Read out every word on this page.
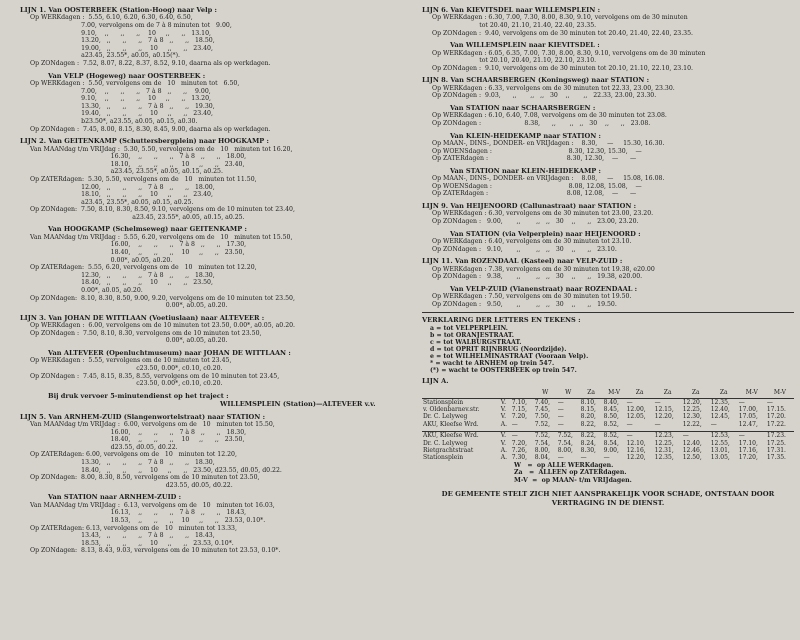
LIJN 1. Van OOSTERBEEK (Station-Hoog) naar Velp :
Op WERKdagen :  5.55, 6.10, 6.20, 6.30, 6.40, 6.50,
7.00, vervolgens om de 7 à 8 minuten tot   9.00,
9.10,    ,,      ,,      ,,    10     ,,      ,,   13.10,
13.20,   ,,      ,,      ,,   7 à 8   ,,      ,,   18.50,
19.00,   ,,      ,,      ,,    10     ,,      ,,   23.40,
a23.45, 23.55*, a0.05, a0.15(*).
Op ZONdagen :  7.52, 8.07, 8.22, 8.37, 8.52, 9.10, daarna als op werkdagen.
Van VELP (Hogeweg) naar OOSTERBEEK :
Op WERKdagen :  5.50, vervolgens om de   10   minuten tot   6.50,
7.00,    ,,      ,,      ,,   7 à 8   ,,      ,,    9.00,
9.10,    ,,      ,,      ,,    10     ,,      ,,   13.20,
13.30,   ,,      ,,      ,,   7 à 8   ,,      ,,   19.30,
19.40,   ,,      ,,      ,,    10     ,,      ,,   23.40,
b23.50*, a23.55, a0.05, a0.15, a0.30.
Op ZONdagen :  7.45, 8.00, 8.15, 8.30, 8.45, 9.00, daarna als op werkdagen.
LIJN 2. Van GEITENKAMP (Schuttersbergplein) naar HOOGKAMP :
Van MAANdag t/m VRIJdag :  5.30, 5.50, vervolgens om de   10   minuten tot 16.20,
16.30,    ,,      ,,      ,,   7 à 8   ,,      ,,   18.00,
18.10,    ,,      ,,      ,,    10     ,,      ,,   23.40,
a23.45, 23.55*, a0.05, a0.15, a0.25.
Op ZATERdagen:  5.30, 5.50, vervolgens om de   10   minuten tot 11.50,
12.00,   ,,      ,,      ,,   7 à 8   ,,      ,,   18.00,
18.10,   ,,      ,,      ,,    10     ,,      ,,   23.40,
a23.45, 23.55*, a0.05, a0.15, a0.25.
Op ZONdagen:  7.50, 8.10, 8.30, 8.50, 9.10, vervolgens om de 10 minuten tot 23.40,
a23.45, 23.55*, a0.05, a0.15, a0.25.
Van HOOGKAMP (Schelmseweg) naar GEITENKAMP :
Van MAANdag t/m VRIJdag :  5.55, 6.20, vervolgens om de   10   minuten tot 15.50,
16.00,    ,,      ,,      ,,   7 à 8   ,,      ,,   17.30,
18.40,    ,,      ,,      ,,    10     ,,      ,,   23.50,
0.00*, a0.05, a0.20.
Op ZATERdagen:  5.55, 6.20, vervolgens om de   10   minuten tot 12.20,
12.30,   ,,      ,,      ,,   7 à 8   ,,      ,,   18.30,
18.40,   ,,      ,,      ,,    10     ,,      ,,   23.50,
0.00*, a0.05, a0.20.
Op ZONdagen:  8.10, 8.30, 8.50, 9.00, 9.20, vervolgens om de 10 minuten tot 23.50,
0.00*, a0.05, a0.20.
LIJN 3. Van JOHAN DE WITTLAAN (Voetiuslaan) naar ALTEVEER :
Op WERKdagen :  6.00, vervolgens om de 10 minuten tot 23.50, 0.00*, a0.05, a0.20.
Op ZONdagen :  7.50, 8.10, 8.30, vervolgens om de 10 minuten tot 23.50,
0.00*, a0.05, a0.20.
Van ALTEVEER (Openluchtmuseum) naar JOHAN DE WITTLAAN :
Op WERKdagen :  5.55, vervolgens om de 10 minuten tot 23.45,
c23.50, 0.00*, c0.10, c0.20.
Op ZONdagen :  7.45, 8.15, 8.35, 8.55, vervolgens om de 10 minuten tot 23.45,
c23.50, 0.00*, c0.10, c0.20.
Bij druk vervoer 5-minutendienst op het traject :
WILLEMSPLEIN (Station)—ALTEVEER v.v.
LIJN 5. Van ARNHEM-ZUID (Slangenwortelstraat) naar STATION :
Van MAANdag t/m VRIJdag :  6.00, vervolgens om de   10   minuten tot 15.50,
16.00,    ,,      ,,      ,,   7 à 8   ,,      ,,   18.30,
18.40,    ,,      ,,      ,,    10     ,,      ,,   23.50,
d23.55, d0.05, d0.22.
Op ZATERdagen: 6.00, vervolgens om de   10   minuten tot 12.20,
13.30,   ,,      ,,      ,,   7 à 8   ,,      ,,   18.30,
18.40,   ,,      ,,      ,,    10     ,,      ,,   23.50, d23.55, d0.05, d0.22.
Op ZONdagen:  8.00, 8.30, 8.50, vervolgens om de 10 minuten tot 23.50,
d23.55, d0.05, d0.22.
Van STATION naar ARNHEM-ZUID :
Van MAANdag t/m VRIJdag :  6.13, vervolgens om de   10   minuten tot 16.03,
16.13,    ,,      ,,      ,,   7 à 8   ,,      ,,   18.43,
18.53,    ,,      ,,      ,,    10     ,,      ,,   23.53, 0.10*.
Op ZATERdagen: 6.13, vervolgens om de   10   minuten tot 13.33,
13.43,   ,,      ,,      ,,   7 à 8   ,,      ,,   18.43,
18.53,   ,,      ,,      ,,    10     ,,      ,,   23.53, 0.10*.
Op ZONdagen:  8.13, 8.43, 9.03, vervolgens om de 10 minuten tot 23.53, 0.10*.
LIJN 6. Van KIEVITSDEL naar WILLEMSPLEIN :
Op WERKdagen : 6.30, 7.00, 7.30, 8.00, 8.30, 9.10, vervolgens om de 30 minuten
tot 20.40, 21.10, 21.40, 22.40, 23.35.
Op ZONdagen :  9.40, vervolgens om de 30 minuten tot 20.40, 21.40, 22.40, 23.35.
Van WILLEMSPLEIN naar KIEVITSDEL :
Op WERKdagen : 6.05, 6.35, 7.00, 7.30, 8.00, 8.30, 9.10, vervolgens om de 30 minuten
tot 20.10, 20.40, 21.10, 22.10, 23.10.
Op ZONdagen :  9.10, vervolgens om de 30 minuten tot 20.10, 21.10, 22.10, 23.10.
LIJN 8. Van SCHAARSBERGEN (Koningsweg) naar STATION :
Op WERKdagen : 6.33, vervolgens om de 30 minuten tot 22.33, 23.00, 23.30.
Op ZONdagen :  9.03,      ,,       ,,   ,,   30    ,,       ,,   22.33, 23.00, 23.30.
Van STATION naar SCHAARSBERGEN :
Op WERKdagen : 6.10, 6.40, 7.08, vervolgens om de 30 minuten tot 23.08.
Op ZONdagen :                      8.38,      ,,       ,,   ,,   30    ,,      ,,   23.08.
Van KLEIN-HEIDEKAMP naar STATION :
Op MAAN-, DINS-, DONDER- en VRIJdagen :    8.30,     —     15.30, 16.30.
Op WOENSdagen :                                       8.30, 12.30, 15.30,    —
Op ZATERdagen :                                        8.30, 12.30,    —      —
Van STATION naar KLEIN-HEIDEKAMP :
Op MAAN-, DINS-, DONDER- en VRIJdagen :    8.08,     —     15.08, 16.08.
Op WOENSdagen :                                       8.08, 12.08, 15.08,    —
Op ZATERdagen :                                        8.08, 12.08,    —      —
LIJN 9. Van HEIJENOORD (Callunastraat) naar STATION :
Op WERKdagen : 6.30, vervolgens om de 30 minuten tot 23.00, 23.20.
Op ZONdagen :   9.00,       ,,        ,,   ,,   30    ,,      ,,   23.00, 23.20.
Van STATION (via Velperplein) naar HEIJENOORD :
Op WERKdagen : 6.40, vervolgens om de 30 minuten tot 23.10.
Op ZONdagen :   9.10,       ,,        ,,   ,,   30    ,,      ,,   23.10.
LIJN 11. Van ROZENDAAL (Kasteel) naar VELP-ZUID :
Op WERKdagen : 7.38, vervolgens om de 30 minuten tot 19.38, e20.00
Op ZONdagen :   9.38,       ,,        ,,   ,,   30    ,,      ,,   19.38, e20.00.
Van VELP-ZUID (Vianenstraat) naar ROZENDAAL :
Op WERKdagen : 7.50, vervolgens om de 30 minuten tot 19.50.
Op ZONdagen :   9.50,       ,,        ,,   ,,   30    ,,      ,,   19.50.
VERKLARING DER LETTERS EN TEKENS :
a = tot VELPERPLEIN.
b = tot ORANJESTRAAT.
c = tot WALBURGSTRAAT.
d = tot OPRIT RIJNBRUG (Noordzijde).
e = tot WILHELMINASTRAAT (Vooraan Velp).
* = wacht te ARNHEM op trein 547.
(*) = wacht te OOSTERBEEK op trein 547.
LIJN A.
			W	W	Za	M-V	Za	Za	Za	Za	M-V	M-V
Stationsplein	V.	7.10,	7.40,	—	8.10,	8.40,	—	—	12.20,	12.35,	—	—
v. Oldenbarnev.str.	V.	7.15,	7.45,	—	8.15,	8.45,	12.00,	12.15,	12.25,	12.40,	17.00,	17.15.
Dr. C. Lelyweg	V.	7.20,	7.50,	—	8.20,	8.50,	12.05,	12.20,	12.30,	12.45,	17.05,	17.20.
AKU, Kleefse Wrd.	A.	—	7.52,	—	8.22,	8.52,	—	—	12.22,	—	12.47,	17.22.

AKU, Kleefse Wrd.	V.	—	7.52,	7.52,	8.22,	8.52,	—	12.23,	—	12.53,	—	17.23.
Dr. C. Lelyweg	V.	7.20,	7.54,	7.54,	8.24,	8.54,	12.10,	12.25,	12.40,	12.55,	17.10,	17.25.
Rietgrachtstraat	A.	7.26,	8.00,	8.00,	8.30,	9.00,	12.16,	12.31,	12.46,	13.01,	17.16,	17.31.
Stationsplein	A.	7.30,	8.04,	—	—	—	12.20,	12.35,	12.50,	13.05,	17.20,	17.35.
W   =  op ALLE WERKdagen.
Za   =  ALLEEN op ZATERdagen.
M-V  =  op MAAN- t/m VRIJdagen.
DE GEMEENTE STELT ZICH NIET AANSPRAKELIJK VOOR SCHADE, ONTSTAAN DOOR VERTRAGING IN DE DIENST.
